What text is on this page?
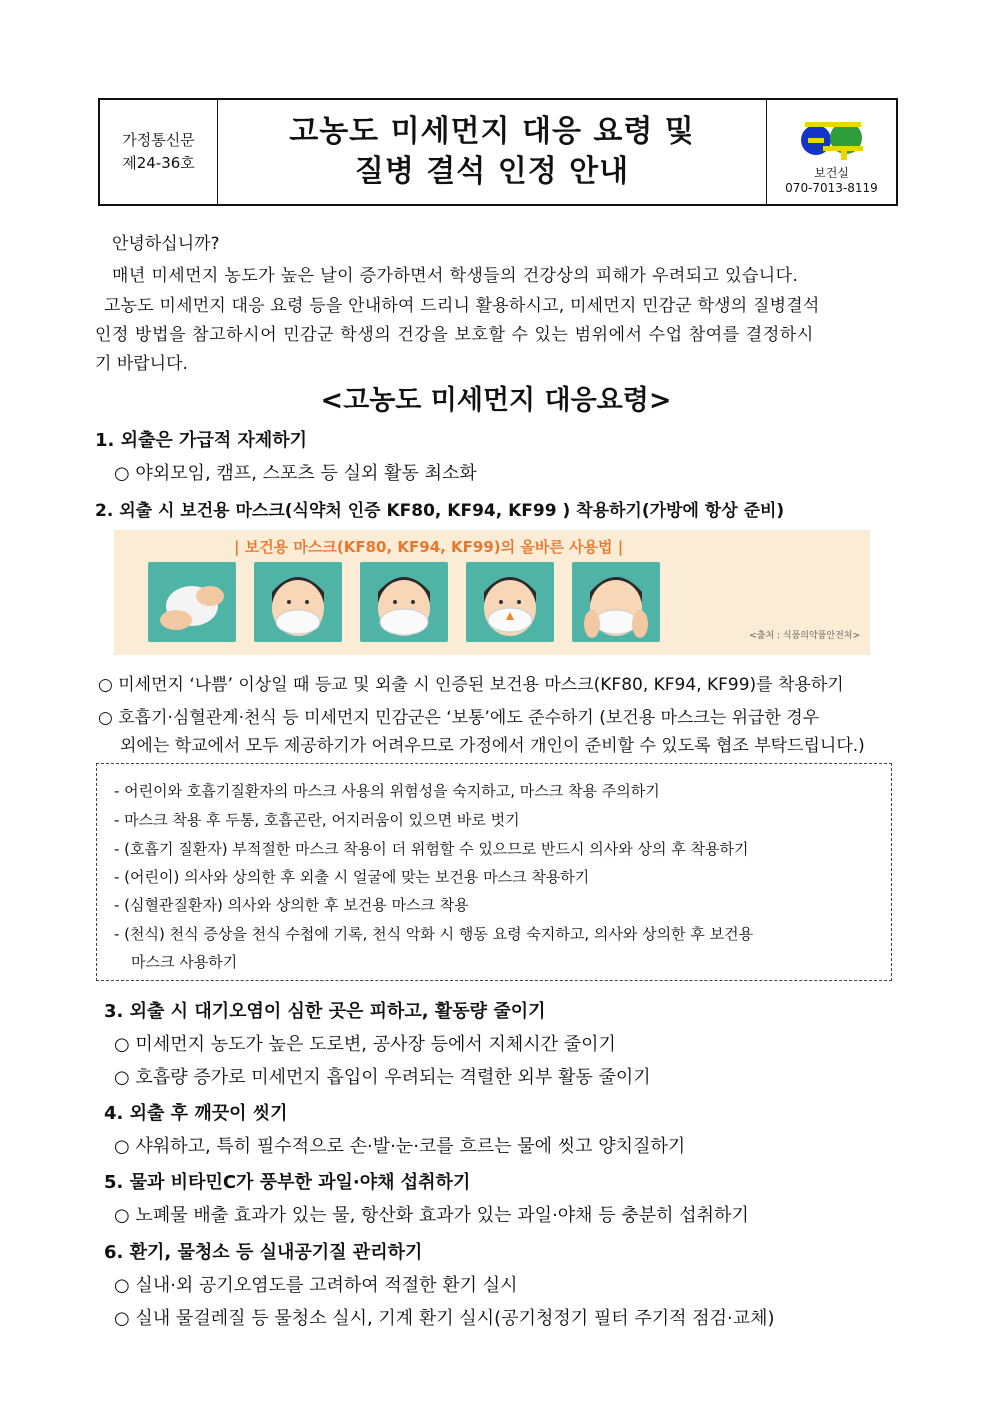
가정통신문
제24-36호
고농도 미세먼지 대응 요령 및
질병 결석 인정 안내	보건실
070-7013-8119
안녕하십니까?
매년 미세먼지 농도가 높은 날이 증가하면서 학생들의 건강상의 피해가 우려되고 있습니다.
고농도 미세먼지 대응 요령 등을 안내하여 드리니 활용하시고, 미세먼지 민감군 학생의 질병결석
인정 방법을 참고하시어 민감군 학생의 건강을 보호할 수 있는 범위에서 수업 참여를 결정하시
기 바랍니다.
<고농도 미세먼지 대응요령>
1. 외출은 가급적 자제하기
○ 야외모임, 캠프, 스포츠 등 실외 활동 최소화
2. 외출 시 보건용 마스크(식약처 인증 KF80, KF94, KF99 ) 착용하기(가방에 항상 준비)
| 보건용 마스크(KF80, KF94, KF99)의 올바른 사용법 |
<출처 : 식품의약품안전처>
○ 미세먼지 ‘나쁨’ 이상일 때 등교 및 외출 시 인증된 보건용 마스크(KF80, KF94, KF99)를 착용하기
○ 호흡기·심혈관계·천식 등 미세먼지 민감군은 ‘보통’에도 준수하기 (보건용 마스크는 위급한 경우
외에는 학교에서 모두 제공하기가 어려우므로 가정에서 개인이 준비할 수 있도록 협조 부탁드립니다.)
- 어린이와 호흡기질환자의 마스크 사용의 위험성을 숙지하고, 마스크 착용 주의하기
- 마스크 착용 후 두통, 호흡곤란, 어지러움이 있으면 바로 벗기
- (호흡기 질환자) 부적절한 마스크 착용이 더 위험할 수 있으므로 반드시 의사와 상의 후 착용하기
- (어린이) 의사와 상의한 후 외출 시 얼굴에 맞는 보건용 마스크 착용하기
- (심혈관질환자) 의사와 상의한 후 보건용 마스크 착용
- (천식) 천식 증상을 천식 수첩에 기록, 천식 악화 시 행동 요령 숙지하고, 의사와 상의한 후 보건용
마스크 사용하기
3. 외출 시 대기오염이 심한 곳은 피하고, 활동량 줄이기
○ 미세먼지 농도가 높은 도로변, 공사장 등에서 지체시간 줄이기
○ 호흡량 증가로 미세먼지 흡입이 우려되는 격렬한 외부 활동 줄이기
4. 외출 후 깨끗이 씻기
○ 샤워하고, 특히 필수적으로 손·발·눈·코를 흐르는 물에 씻고 양치질하기
5. 물과 비타민C가 풍부한 과일·야채 섭취하기
○ 노폐물 배출 효과가 있는 물, 항산화 효과가 있는 과일·야채 등 충분히 섭취하기
6. 환기, 물청소 등 실내공기질 관리하기
○ 실내·외 공기오염도를 고려하여 적절한 환기 실시
○ 실내 물걸레질 등 물청소 실시, 기계 환기 실시(공기청정기 필터 주기적 점검·교체)
